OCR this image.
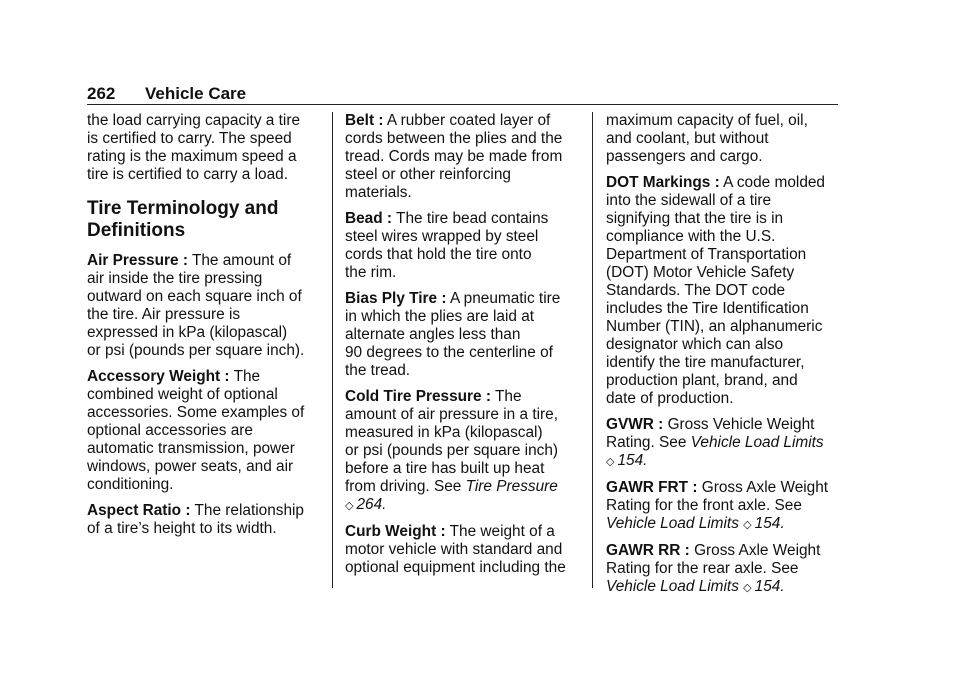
262 Vehicle Care

the load carrying capacity a tire
is certified to carry. The speed
rating is the maximum speed a
tire is certified to carry a load.

Tire Terminology and
Definitions

Air Pressure : The amount of
air inside the tire pressing
outward on each square inch of
the tire. Air pressure is
expressed in kPa (kilopascal)
or psi (pounds per square inch).

Accessory Weight : The
combined weight of optional
accessories. Some examples of
optional accessories are
automatic transmission, power
windows, power seats, and air
conditioning.

Aspect Ratio : The relationship
of a tire’s height to its width.

Belt : A rubber coated layer of
cords between the plies and the
tread. Cords may be made from
steel or other reinforcing
materials.

Bead : The tire bead contains
steel wires wrapped by steel
cords that hold the tire onto
the rim.

Bias Ply Tire : A pneumatic tire
in which the plies are laid at
alternate angles less than
90 degrees to the centerline of
the tread.

Cold Tire Pressure : The
amount of air pressure in a tire,
measured in kPa (kilopascal)
or psi (pounds per square inch)
before a tire has built up heat
from driving. See Tire Pressure
◇ 264.

Curb Weight : The weight of a
motor vehicle with standard and
optional equipment including the

maximum capacity of fuel, oil,
and coolant, but without
passengers and cargo.

DOT Markings : A code molded
into the sidewall of a tire
signifying that the tire is in
compliance with the U.S.
Department of Transportation
(DOT) Motor Vehicle Safety
Standards. The DOT code
includes the Tire Identification
Number (TIN), an alphanumeric
designator which can also
identify the tire manufacturer,
production plant, brand, and
date of production.

GVWR : Gross Vehicle Weight
Rating. See Vehicle Load Limits
◇ 154.

GAWR FRT : Gross Axle Weight
Rating for the front axle. See
Vehicle Load Limits ◇ 154.

GAWR RR : Gross Axle Weight
Rating for the rear axle. See
Vehicle Load Limits ◇ 154.
